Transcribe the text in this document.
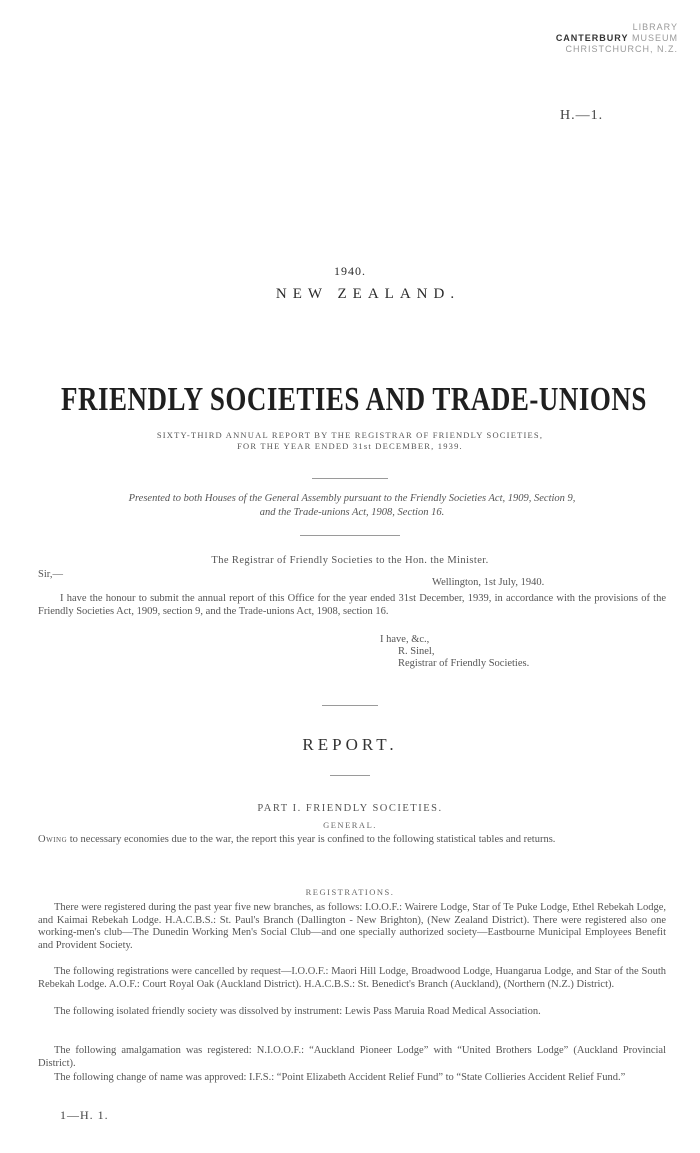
LIBRARY
CANTERBURY MUSEUM
CHRISTCHURCH, N.Z.
H.—1.
1940.
NEW ZEALAND.
FRIENDLY SOCIETIES AND TRADE-UNIONS
SIXTY-THIRD ANNUAL REPORT BY THE REGISTRAR OF FRIENDLY SOCIETIES,
FOR THE YEAR ENDED 31st DECEMBER, 1939.
Presented to both Houses of the General Assembly pursuant to the Friendly Societies Act, 1909, Section 9,
and the Trade-unions Act, 1908, Section 16.
The Registrar of Friendly Societies to the Hon. the Minister.
Sir,—
Wellington, 1st July, 1940.
I have the honour to submit the annual report of this Office for the year ended 31st December, 1939, in accordance with the provisions of the Friendly Societies Act, 1909, section 9, and the Trade-unions Act, 1908, section 16.
I have, &c.,
R. Sinel,
Registrar of Friendly Societies.
REPORT.
PART I. FRIENDLY SOCIETIES.
GENERAL.
Owing to necessary economies due to the war, the report this year is confined to the following statistical tables and returns.
REGISTRATIONS.
There were registered during the past year five new branches, as follows: I.O.O.F.: Wairere Lodge, Star of Te Puke Lodge, Ethel Rebekah Lodge, and Kaimai Rebekah Lodge. H.A.C.B.S.: St. Paul's Branch (Dallington - New Brighton), (New Zealand District). There were registered also one working-men's club—The Dunedin Working Men's Social Club—and one specially authorized society—Eastbourne Municipal Employees Benefit and Provident Society.
The following registrations were cancelled by request—I.O.O.F.: Maori Hill Lodge, Broadwood Lodge, Huangarua Lodge, and Star of the South Rebekah Lodge. A.O.F.: Court Royal Oak (Auckland District). H.A.C.B.S.: St. Benedict's Branch (Auckland), (Northern (N.Z.) District).
The following isolated friendly society was dissolved by instrument: Lewis Pass Maruia Road Medical Association.
The following amalgamation was registered: N.I.O.O.F.: “Auckland Pioneer Lodge” with “United Brothers Lodge” (Auckland Provincial District).
The following change of name was approved: I.F.S.: “Point Elizabeth Accident Relief Fund” to “State Collieries Accident Relief Fund.”
1—H. 1.
